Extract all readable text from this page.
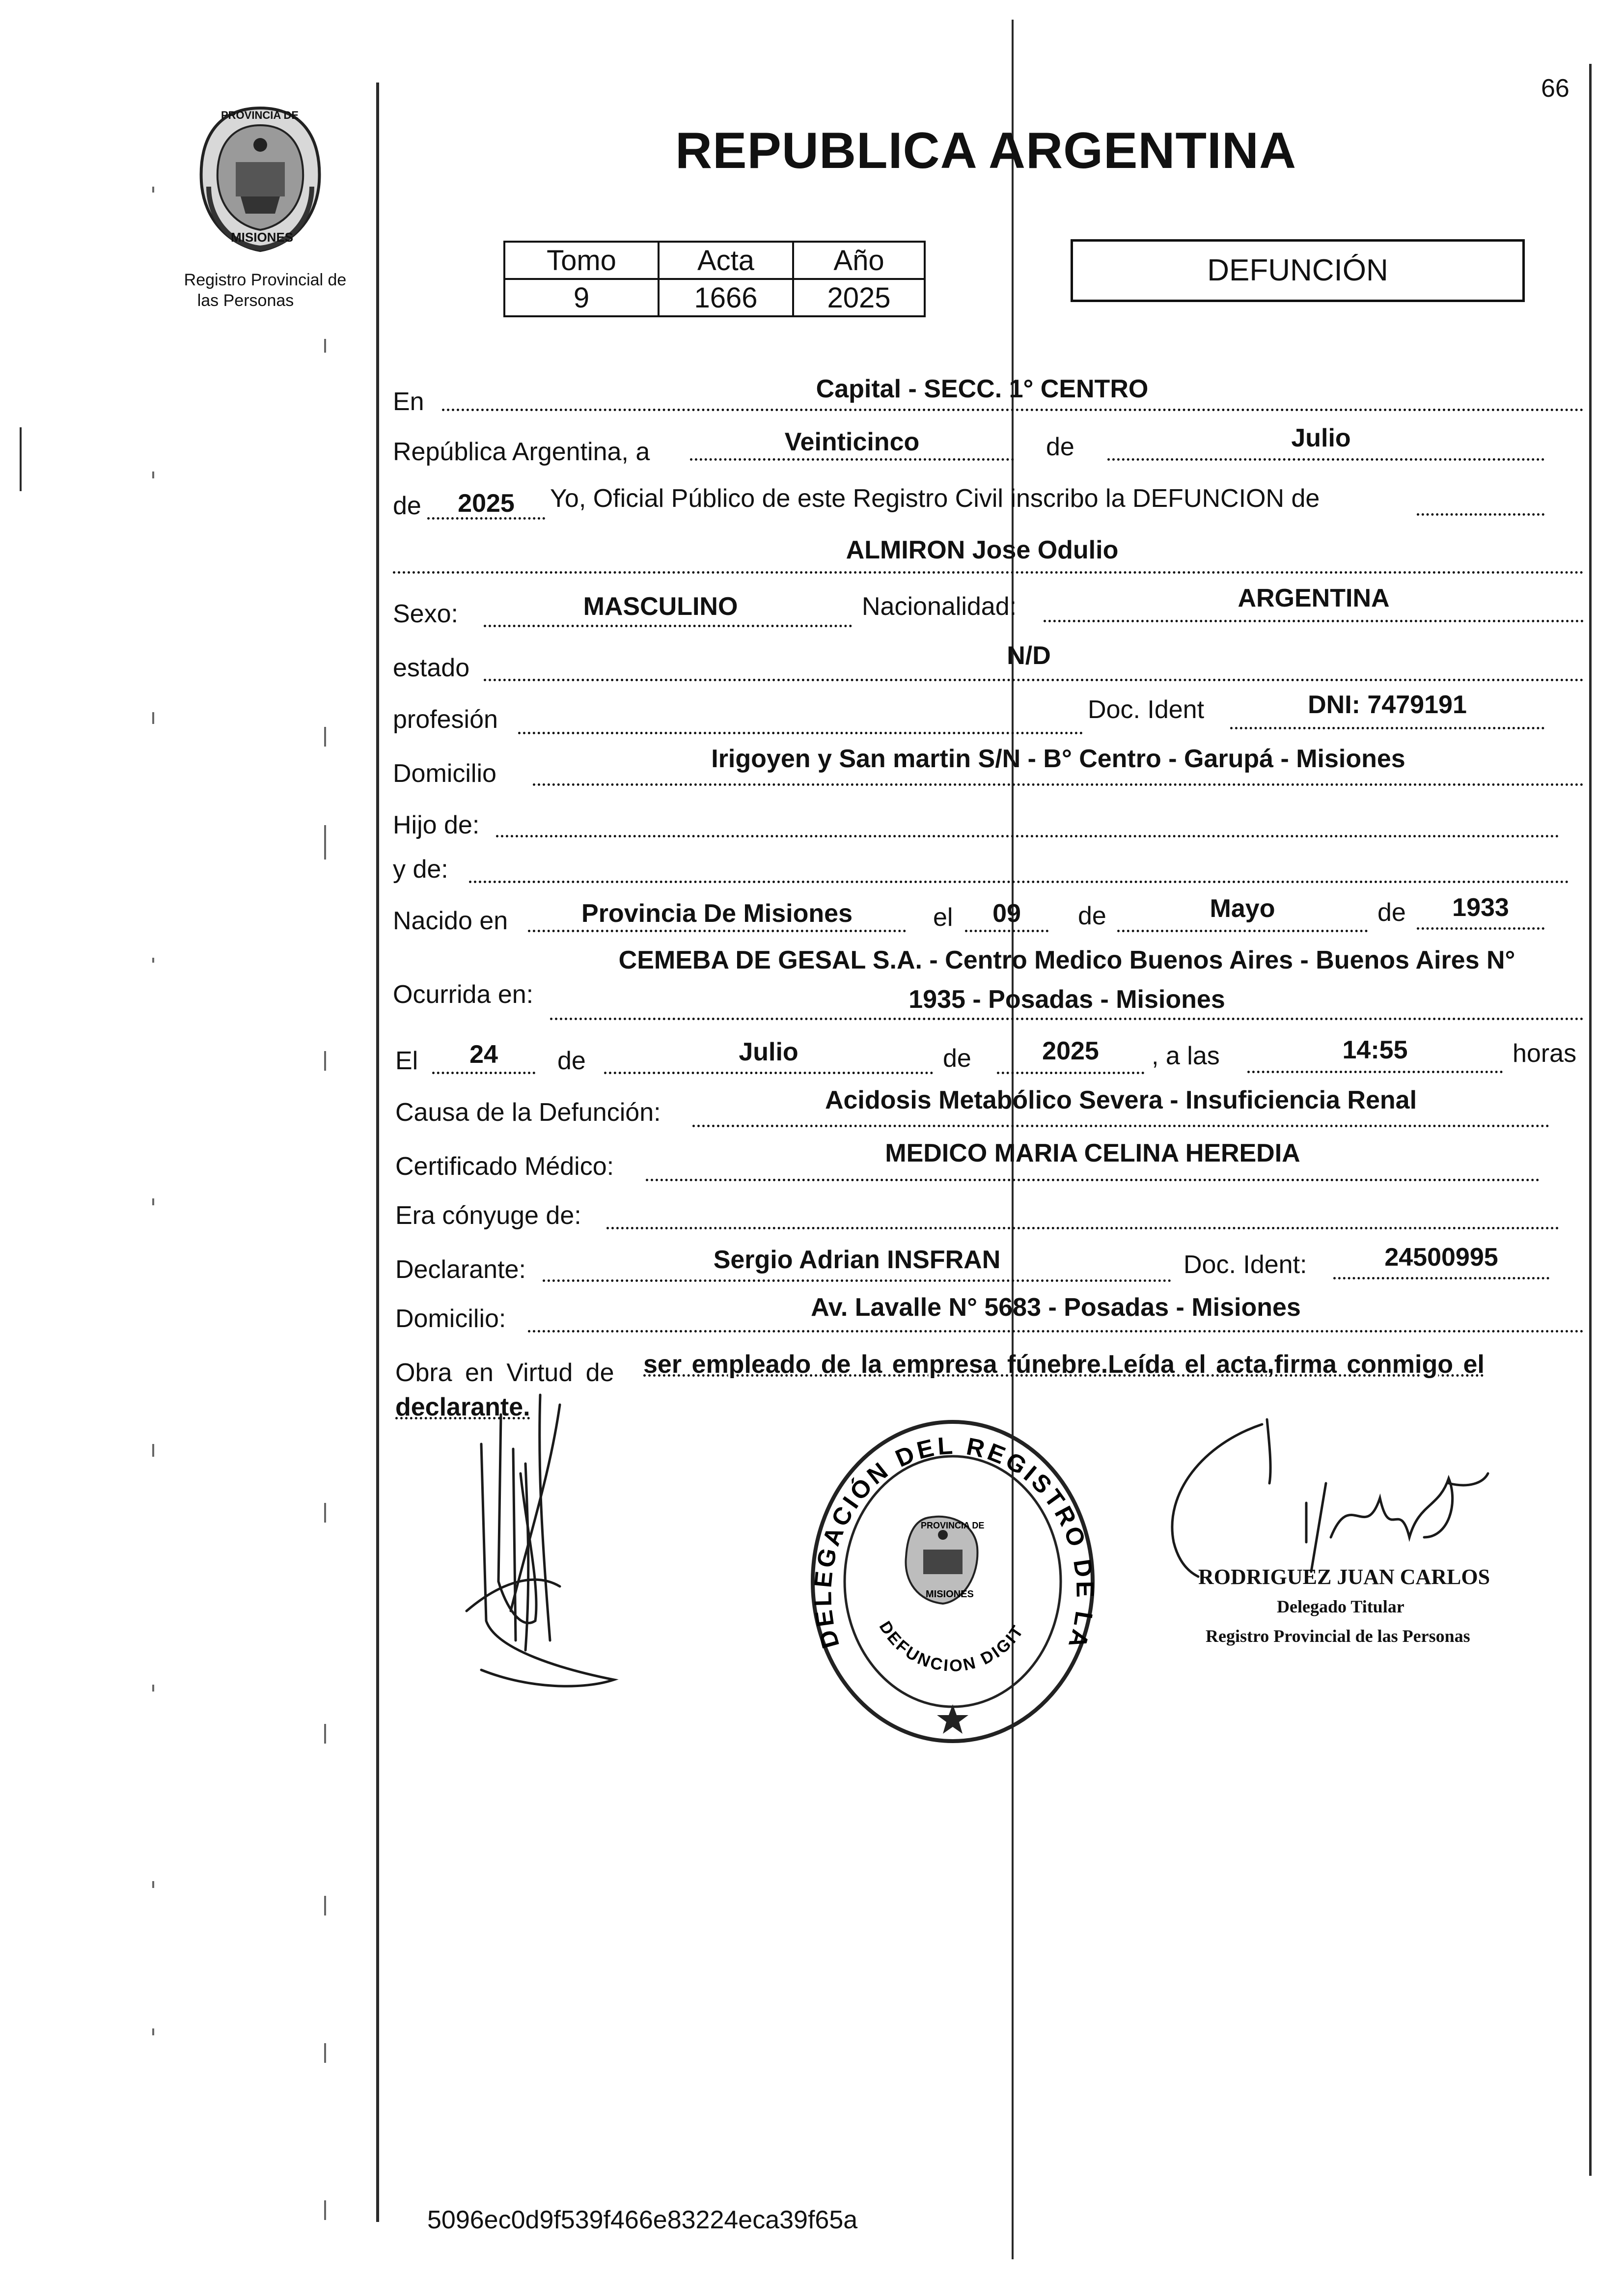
PROVINCIA DE
MISIONES
Registro Provincial de
las Personas
66
REPUBLICA ARGENTINA
Tomo	Acta	Año
9	1666	2025
DEFUNCIÓN
En	Capital - SECC. 1° CENTRO
República Argentina, a	Veinticinco	de	Julio
de	2025	Yo, Oficial Público de este Registro Civil inscribo la DEFUNCION de
ALMIRON Jose Odulio
Sexo:	MASCULINO	Nacionalidad:	ARGENTINA
estado	N/D
profesión	Doc. Ident	DNI: 7479191
Domicilio
Irigoyen y San martin S/N - B° Centro - Garupá - Misiones
Hijo de:
y de:
Nacido en	Provincia De Misiones	el	09	de	Mayo	de	1933
Ocurrida en:
CEMEBA DE GESAL S.A. - Centro Medico Buenos Aires - Buenos Aires N°
1935 - Posadas - Misiones
El	24	de	Julio	de	2025	, a las	14:55	horas
Causa de la Defunción:	Acidosis Metabólico Severa - Insuficiencia Renal
Certificado Médico:	MEDICO MARIA CELINA HEREDIA
Era cónyuge de:
Declarante:	Sergio Adrian INSFRAN	Doc. Ident:	24500995
Domicilio:	Av. Lavalle N° 5683 - Posadas - Misiones
Obra en Virtud de ser empleado de la empresa fúnebre.Leída el acta,firma conmigo el
declarante.
PROVINCIA DE
MISIONES
DELEGACIÓN DEL REGISTRO DE LA
DEFUNCION DIGIT
RODRIGUEZ JUAN CARLOS
Delegado Titular
Registro Provincial de las Personas
5096ec0d9f539f466e83224eca39f65a
